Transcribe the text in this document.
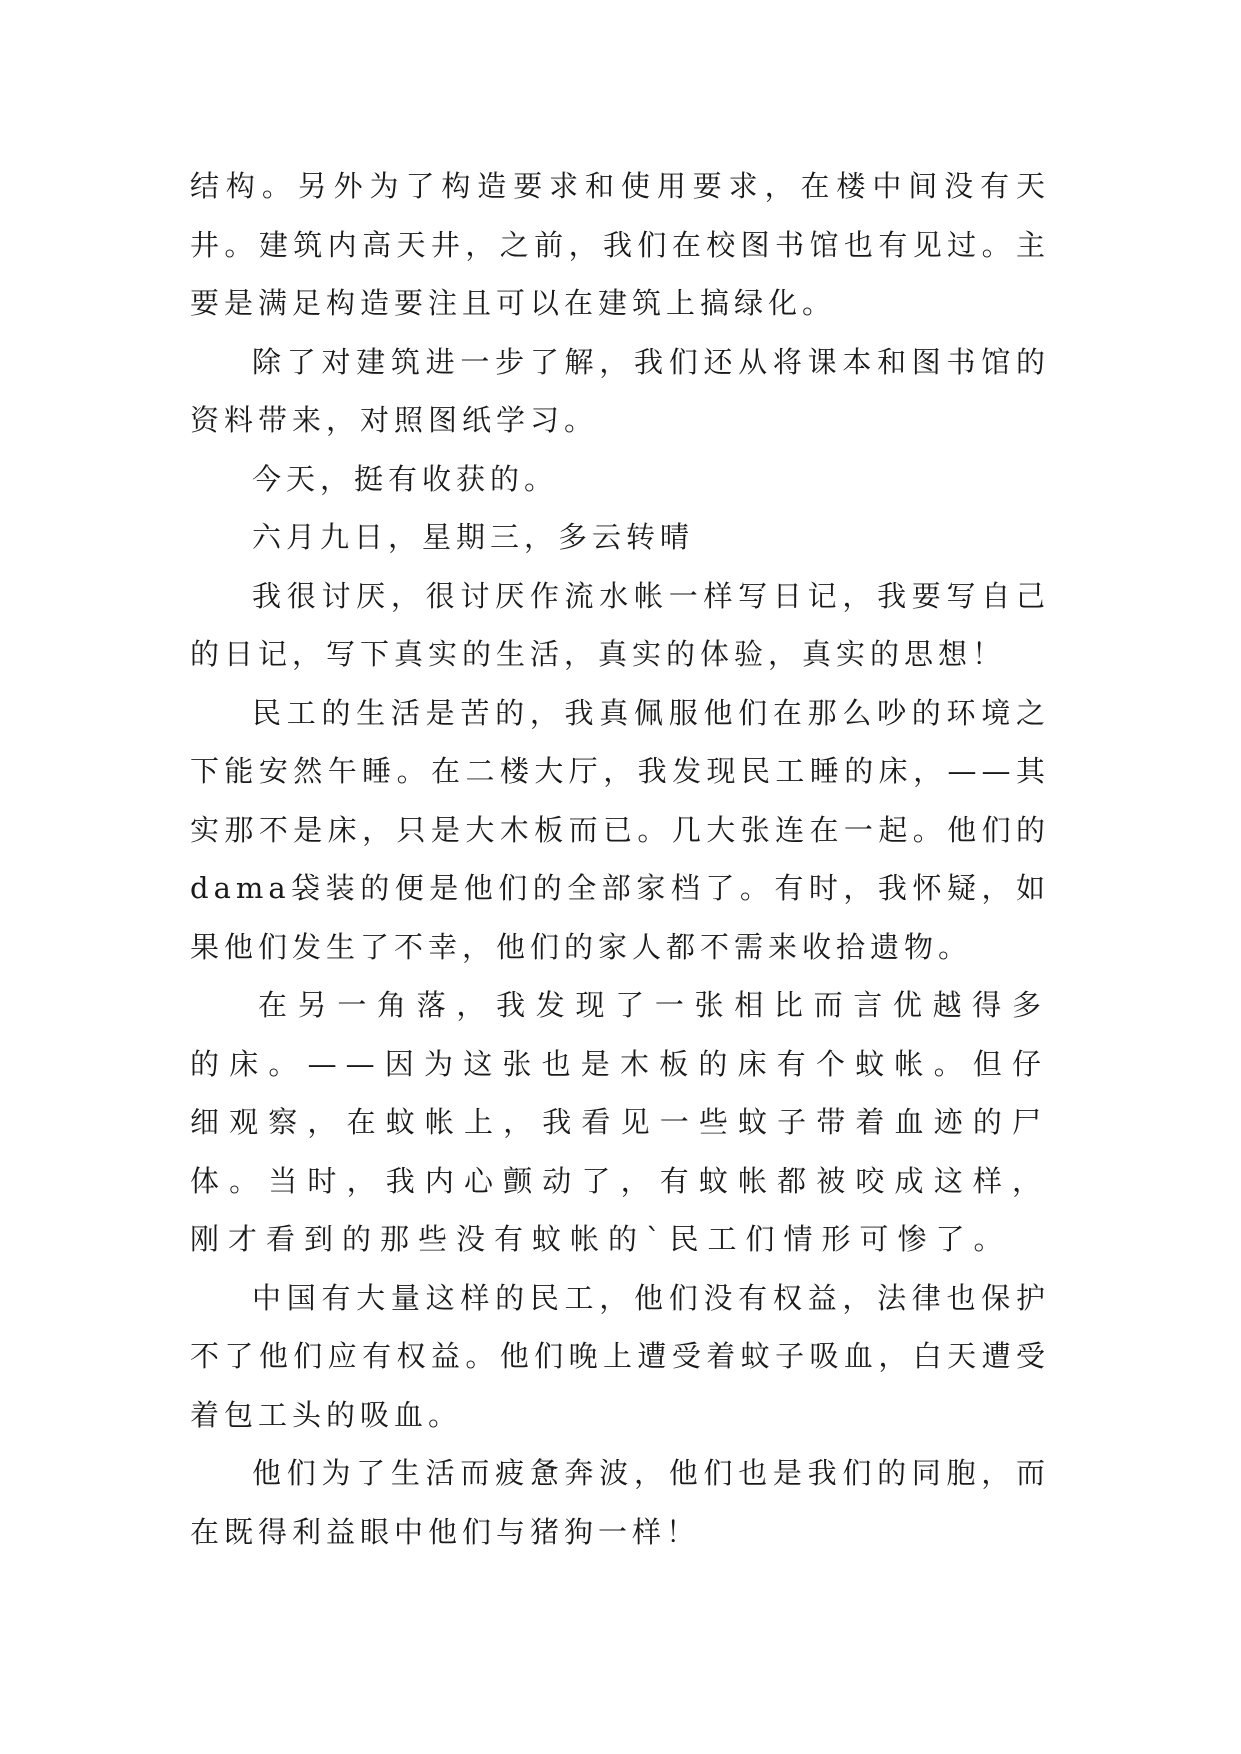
结构。另外为了构造要求和使用要求，在楼中间没有天井。建筑内高天井，之前，我们在校图书馆也有见过。主要是满足构造要注且可以在建筑上搞绿化。

除了对建筑进一步了解，我们还从将课本和图书馆的资料带来，对照图纸学习。

今天，挺有收获的。

六月九日，星期三，多云转晴

我很讨厌，很讨厌作流水帐一样写日记，我要写自己的日记，写下真实的生活，真实的体验，真实的思想！

民工的生活是苦的，我真佩服他们在那么吵的环境之下能安然午睡。在二楼大厅，我发现民工睡的床，——其实那不是床，只是大木板而已。几大张连在一起。他们的dama袋装的便是他们的全部家档了。有时，我怀疑，如果他们发生了不幸，他们的家人都不需来收拾遗物。

在另一角落，我发现了一张相比而言优越得多的床。——因为这张也是木板的床有个蚊帐。但仔细观察，在蚊帐上，我看见一些蚊子带着血迹的尸体。当时，我内心颤动了，有蚊帐都被咬成这样，刚才看到的那些没有蚊帐的`民工们情形可惨了。

中国有大量这样的民工，他们没有权益，法律也保护不了他们应有权益。他们晚上遭受着蚊子吸血，白天遭受着包工头的吸血。

他们为了生活而疲惫奔波，他们也是我们的同胞，而在既得利益眼中他们与猪狗一样！
